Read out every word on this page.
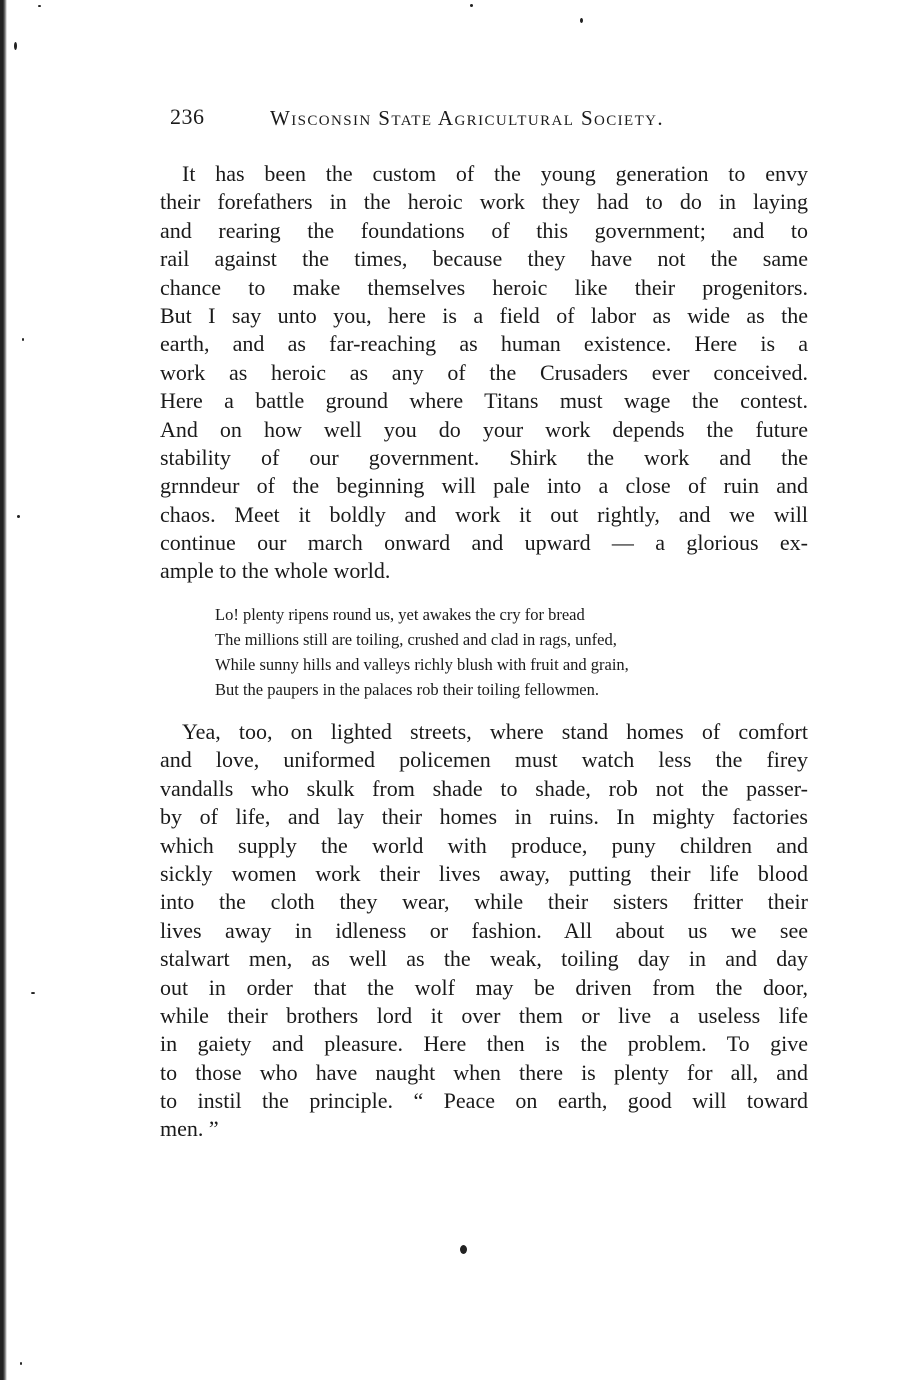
236	Wisconsin State Agricultural Society.
It has been the custom of the young generation to envy
their forefathers in the heroic work they had to do in laying
and rearing the foundations of this government; and to
rail against the times, because they have not the same
chance to make themselves heroic like their progenitors.
But I say unto you, here is a field of labor as wide as the
earth, and as far-reaching as human existence. Here is a
work as heroic as any of the Crusaders ever conceived.
Here a battle ground where Titans must wage the contest.
And on how well you do your work depends the future
stability of our government. Shirk the work and the
grnndeur of the beginning will pale into a close of ruin and
chaos. Meet it boldly and work it out rightly, and we will
continue our march onward and upward — a glorious ex-
ample to the whole world.
Lo! plenty ripens round us, yet awakes the cry for bread
The millions still are toiling, crushed and clad in rags, unfed,
While sunny hills and valleys richly blush with fruit and grain,
But the paupers in the palaces rob their toiling fellowmen.
Yea, too, on lighted streets, where stand homes of comfort
and love, uniformed policemen must watch less the firey
vandalls who skulk from shade to shade, rob not the passer-
by of life, and lay their homes in ruins. In mighty factories
which supply the world with produce, puny children and
sickly women work their lives away, putting their life blood
into the cloth they wear, while their sisters fritter their
lives away in idleness or fashion. All about us we see
stalwart men, as well as the weak, toiling day in and day
out in order that the wolf may be driven from the door,
while their brothers lord it over them or live a useless life
in gaiety and pleasure. Here then is the problem. To give
to those who have naught when there is plenty for all, and
to instil the principle. “ Peace on earth, good will toward
men. ”
